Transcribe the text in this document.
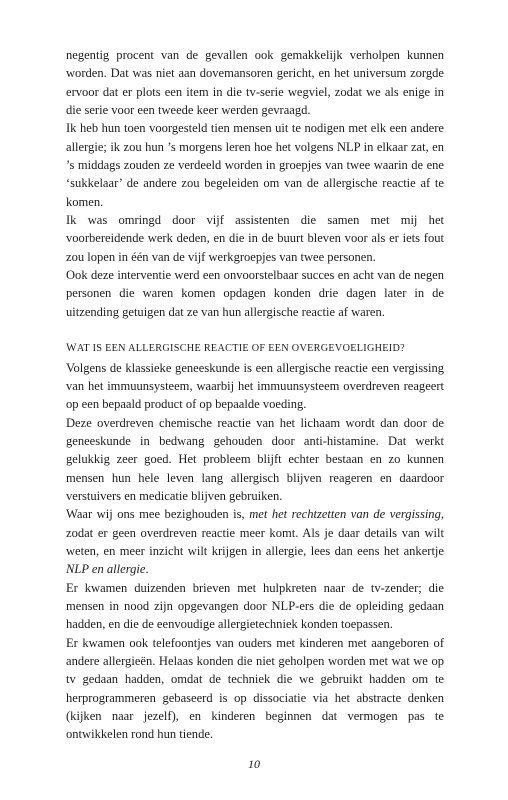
negentig procent van de gevallen ook gemakkelijk verholpen kunnen worden. Dat was niet aan dovemansoren gericht, en het universum zorgde ervoor dat er plots een item in die tv-serie wegviel, zodat we als enige in die serie voor een tweede keer werden gevraagd.

Ik heb hun toen voorgesteld tien mensen uit te nodigen met elk een andere allergie; ik zou hun ’s morgens leren hoe het volgens NLP in elkaar zat, en ’s middags zouden ze verdeeld worden in groepjes van twee waarin de ene ‘sukkelaar’ de andere zou begeleiden om van de allergische reactie af te komen.

Ik was omringd door vijf assistenten die samen met mij het voorbereidende werk deden, en die in de buurt bleven voor als er iets fout zou lopen in één van de vijf werkgroepjes van twee personen.

Ook deze interventie werd een onvoorstelbaar succes en acht van de negen personen die waren komen opdagen konden drie dagen later in de uitzending getuigen dat ze van hun allergische reactie af waren.

WAT IS EEN ALLERGISCHE REACTIE OF EEN OVERGEVOELIGHEID?

Volgens de klassieke geneeskunde is een allergische reactie een vergissing van het immuunsysteem, waarbij het immuunsysteem overdreven reageert op een bepaald product of op bepaalde voeding.

Deze overdreven chemische reactie van het lichaam wordt dan door de geneeskunde in bedwang gehouden door anti-histamine. Dat werkt gelukkig zeer goed. Het probleem blijft echter bestaan en zo kunnen mensen hun hele leven lang allergisch blijven reageren en daardoor verstuivers en medicatie blijven gebruiken.

Waar wij ons mee bezighouden is, met het rechtzetten van de vergissing, zodat er geen overdreven reactie meer komt. Als je daar details van wilt weten, en meer inzicht wilt krijgen in allergie, lees dan eens het ankertje NLP en allergie.

Er kwamen duizenden brieven met hulpkreten naar de tv-zender; die mensen in nood zijn opgevangen door NLP-ers die de opleiding gedaan hadden, en die de eenvoudige allergietechniek konden toepassen.

Er kwamen ook telefoontjes van ouders met kinderen met aangeboren of andere allergieën. Helaas konden die niet geholpen worden met wat we op tv gedaan hadden, omdat de techniek die we gebruikt hadden om te herprogrammeren gebaseerd is op dissociatie via het abstracte denken (kijken naar jezelf), en kinderen beginnen dat vermogen pas te ontwikkelen rond hun tiende.

10
